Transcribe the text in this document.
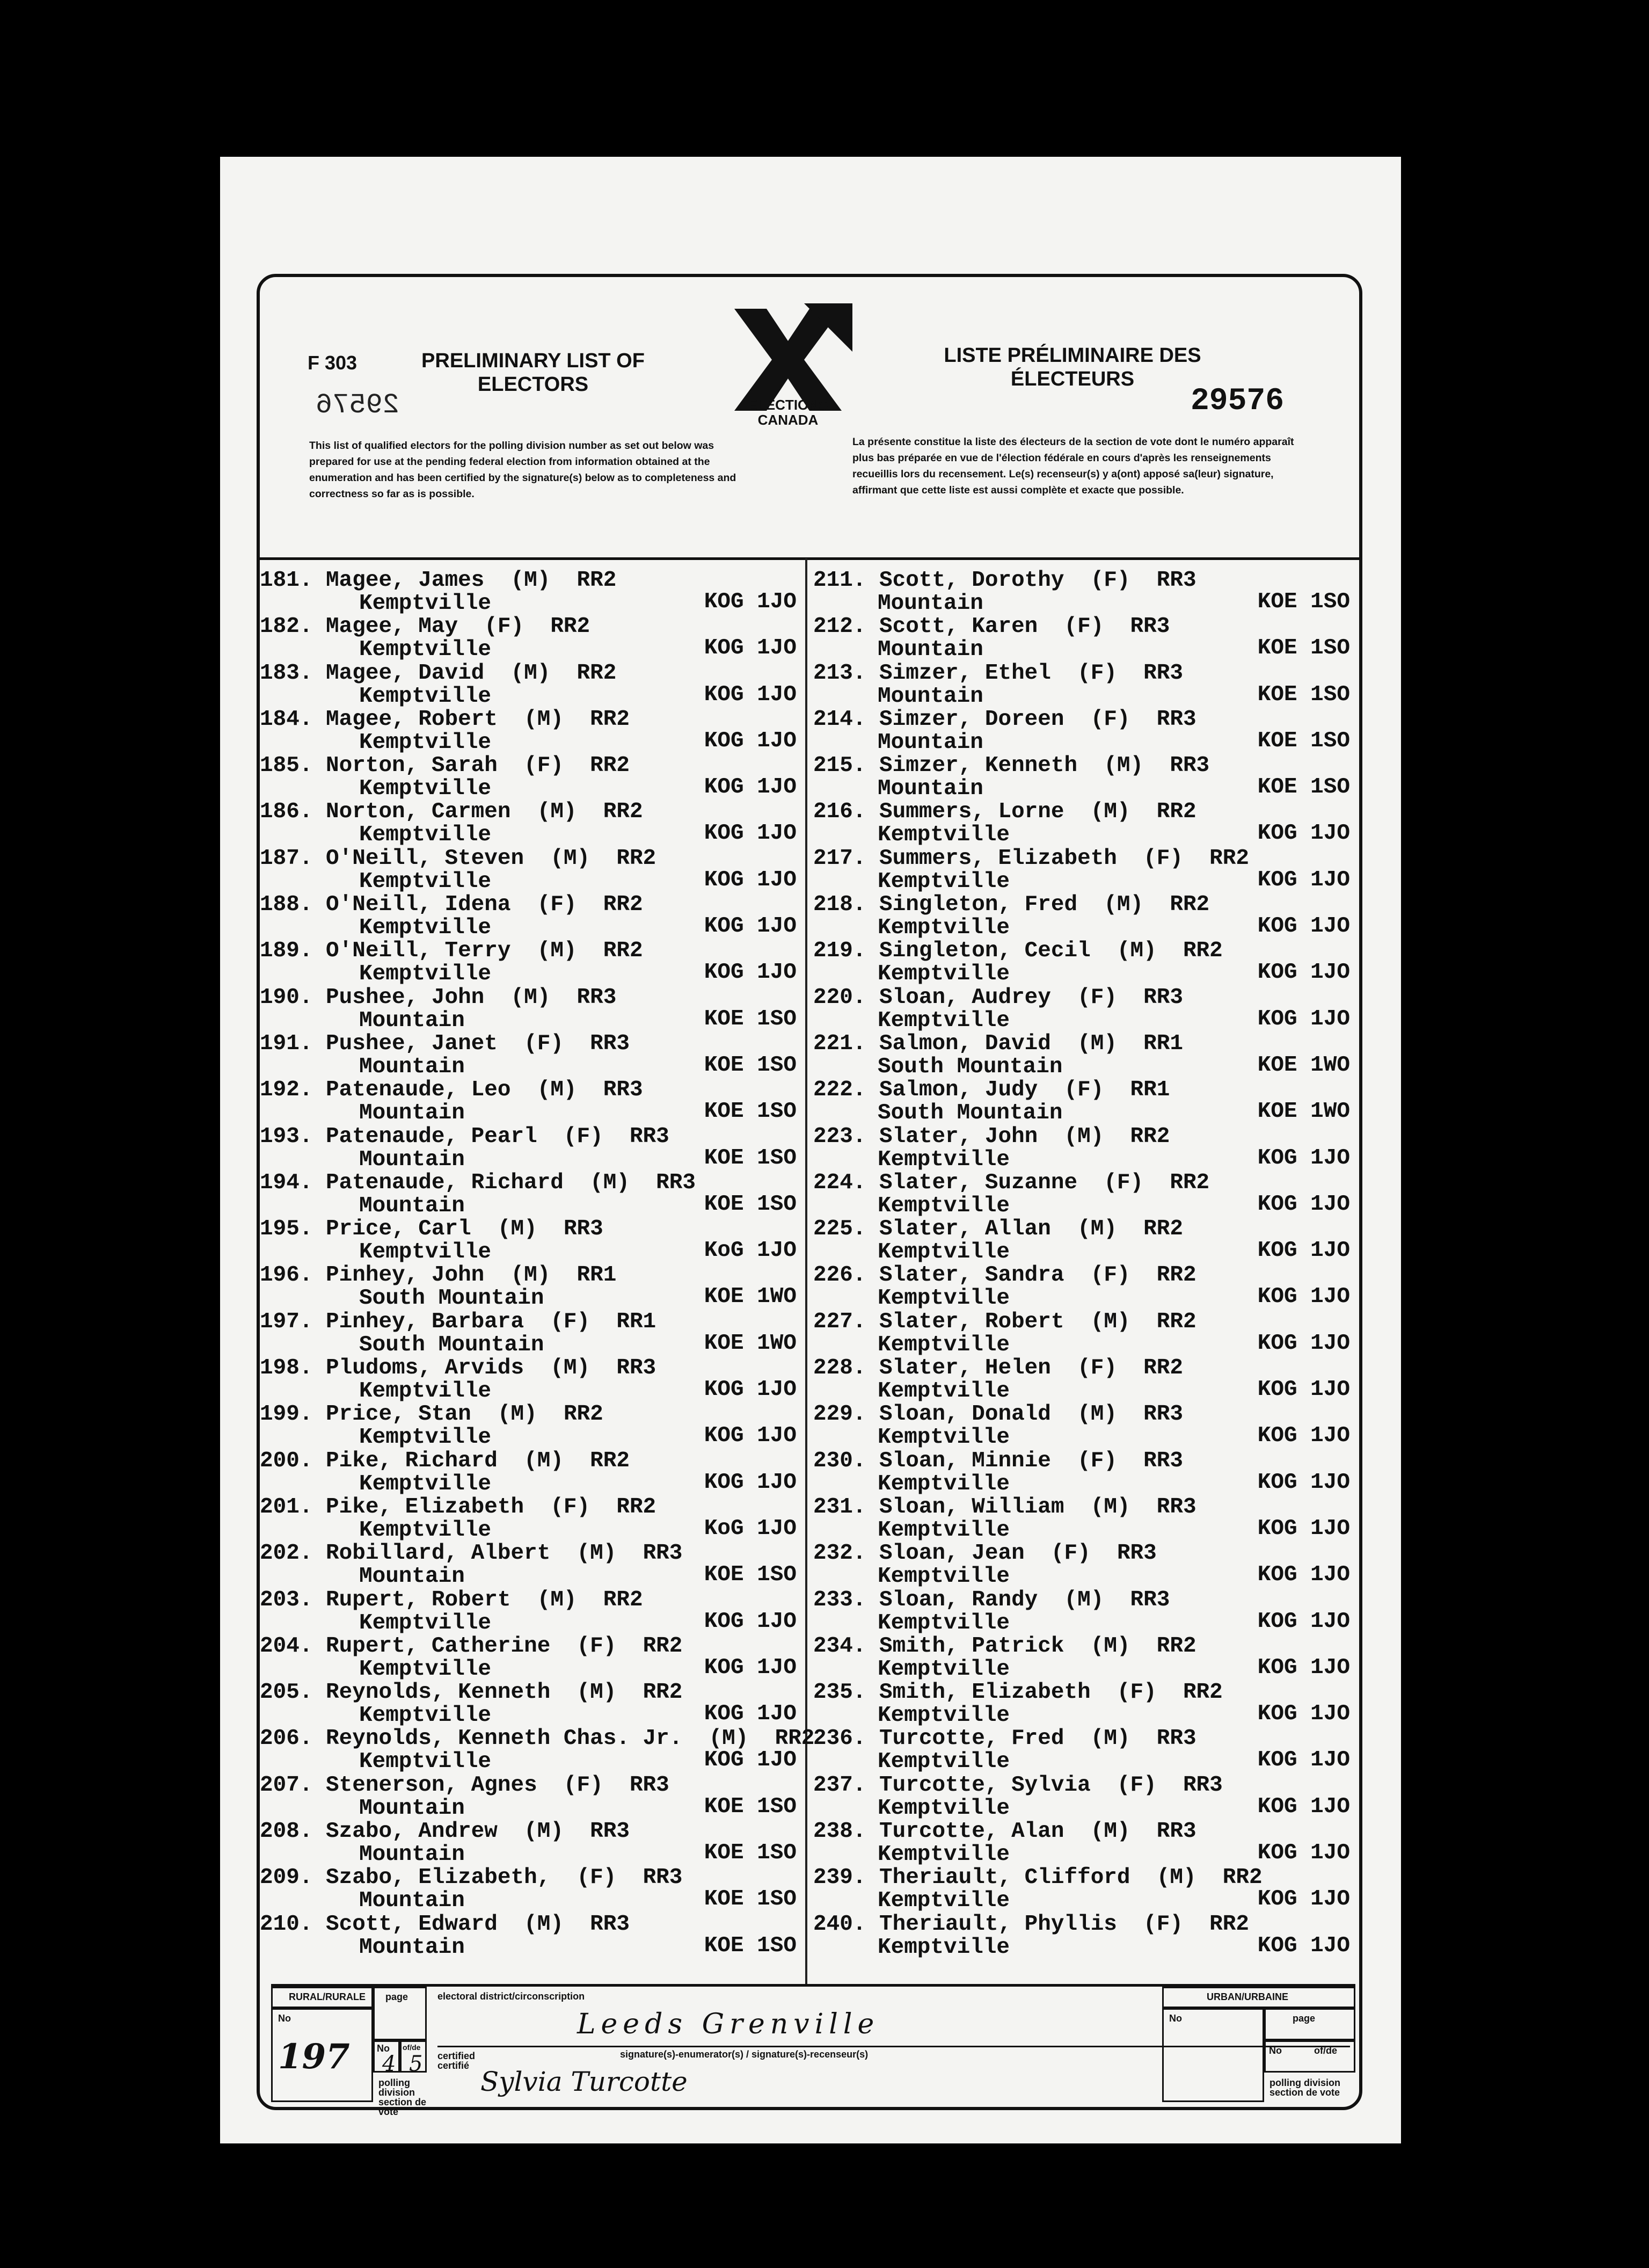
F 303
29576
PRELIMINARY LIST OF ELECTORS
ELECTIONS CANADA
LISTE PRÉLIMINAIRE DES ÉLECTEURS
29576
This list of qualified electors for the polling division number as set out below was prepared for use at the pending federal election from information obtained at the enumeration and has been certified by the signature(s) below as to completeness and correctness so far as is possible.
La présente constitue la liste des électeurs de la section de vote dont le numéro apparaît plus bas préparée en vue de l'élection fédérale en cours d'après les renseignements recueillis lors du recensement. Le(s) recenseur(s) y a(ont) apposé sa(leur) signature, affirmant que cette liste est aussi complète et exacte que possible.
181. Magee, James (M) RR2
Kemptville	KOG 1JO
182. Magee, May (F) RR2
Kemptville	KOG 1JO
183. Magee, David (M) RR2
Kemptville	KOG 1JO
184. Magee, Robert (M) RR2
Kemptville	KOG 1JO
185. Norton, Sarah (F) RR2
Kemptville	KOG 1JO
186. Norton, Carmen (M) RR2
Kemptville	KOG 1JO
187. O'Neill, Steven (M) RR2
Kemptville	KOG 1JO
188. O'Neill, Idena (F) RR2
Kemptville	KOG 1JO
189. O'Neill, Terry (M) RR2
Kemptville	KOG 1JO
190. Pushee, John (M) RR3
Mountain	KOE 1SO
191. Pushee, Janet (F) RR3
Mountain	KOE 1SO
192. Patenaude, Leo (M) RR3
Mountain	KOE 1SO
193. Patenaude, Pearl (F) RR3
Mountain	KOE 1SO
194. Patenaude, Richard (M) RR3
Mountain	KOE 1SO
195. Price, Carl (M) RR3
Kemptville	KoG 1JO
196. Pinhey, John (M) RR1
South Mountain	KOE 1WO
197. Pinhey, Barbara (F) RR1
South Mountain	KOE 1WO
198. Pludoms, Arvids (M) RR3
Kemptville	KOG 1JO
199. Price, Stan (M) RR2
Kemptville	KOG 1JO
200. Pike, Richard (M) RR2
Kemptville	KOG 1JO
201. Pike, Elizabeth (F) RR2
Kemptville	KoG 1JO
202. Robillard, Albert (M) RR3
Mountain	KOE 1SO
203. Rupert, Robert (M) RR2
Kemptville	KOG 1JO
204. Rupert, Catherine (F) RR2
Kemptville	KOG 1JO
205. Reynolds, Kenneth (M) RR2
Kemptville	KOG 1JO
206. Reynolds, Kenneth Chas. Jr. (M) RR2
Kemptville	KOG 1JO
207. Stenerson, Agnes (F) RR3
Mountain	KOE 1SO
208. Szabo, Andrew (M) RR3
Mountain	KOE 1SO
209. Szabo, Elizabeth, (F) RR3
Mountain	KOE 1SO
210. Scott, Edward (M) RR3
Mountain	KOE 1SO
211. Scott, Dorothy (F) RR3
Mountain	KOE 1SO
212. Scott, Karen (F) RR3
Mountain	KOE 1SO
213. Simzer, Ethel (F) RR3
Mountain	KOE 1SO
214. Simzer, Doreen (F) RR3
Mountain	KOE 1SO
215. Simzer, Kenneth (M) RR3
Mountain	KOE 1SO
216. Summers, Lorne (M) RR2
Kemptville	KOG 1JO
217. Summers, Elizabeth (F) RR2
Kemptville	KOG 1JO
218. Singleton, Fred (M) RR2
Kemptville	KOG 1JO
219. Singleton, Cecil (M) RR2
Kemptville	KOG 1JO
220. Sloan, Audrey (F) RR3
Kemptville	KOG 1JO
221. Salmon, David (M) RR1
South Mountain	KOE 1WO
222. Salmon, Judy (F) RR1
South Mountain	KOE 1WO
223. Slater, John (M) RR2
Kemptville	KOG 1JO
224. Slater, Suzanne (F) RR2
Kemptville	KOG 1JO
225. Slater, Allan (M) RR2
Kemptville	KOG 1JO
226. Slater, Sandra (F) RR2
Kemptville	KOG 1JO
227. Slater, Robert (M) RR2
Kemptville	KOG 1JO
228. Slater, Helen (F) RR2
Kemptville	KOG 1JO
229. Sloan, Donald (M) RR3
Kemptville	KOG 1JO
230. Sloan, Minnie (F) RR3
Kemptville	KOG 1JO
231. Sloan, William (M) RR3
Kemptville	KOG 1JO
232. Sloan, Jean (F) RR3
Kemptville	KOG 1JO
233. Sloan, Randy (M) RR3
Kemptville	KOG 1JO
234. Smith, Patrick (M) RR2
Kemptville	KOG 1JO
235. Smith, Elizabeth (F) RR2
Kemptville	KOG 1JO
236. Turcotte, Fred (M) RR3
Kemptville	KOG 1JO
237. Turcotte, Sylvia (F) RR3
Kemptville	KOG 1JO
238. Turcotte, Alan (M) RR3
Kemptville	KOG 1JO
239. Theriault, Clifford (M) RR2
Kemptville	KOG 1JO
240. Theriault, Phyllis (F) RR2
Kemptville	KOG 1JO
RURAL/RURALE
No
197
page
No
4
of/de
5
polling division section de vote
electoral district/circonscription
Leeds Grenville
certified certifié
signature(s)-enumerator(s) / signature(s)-recenseur(s)
Sylvia Turcotte
URBAN/URBAINE
No	page
No	of/de
polling division section de vote
